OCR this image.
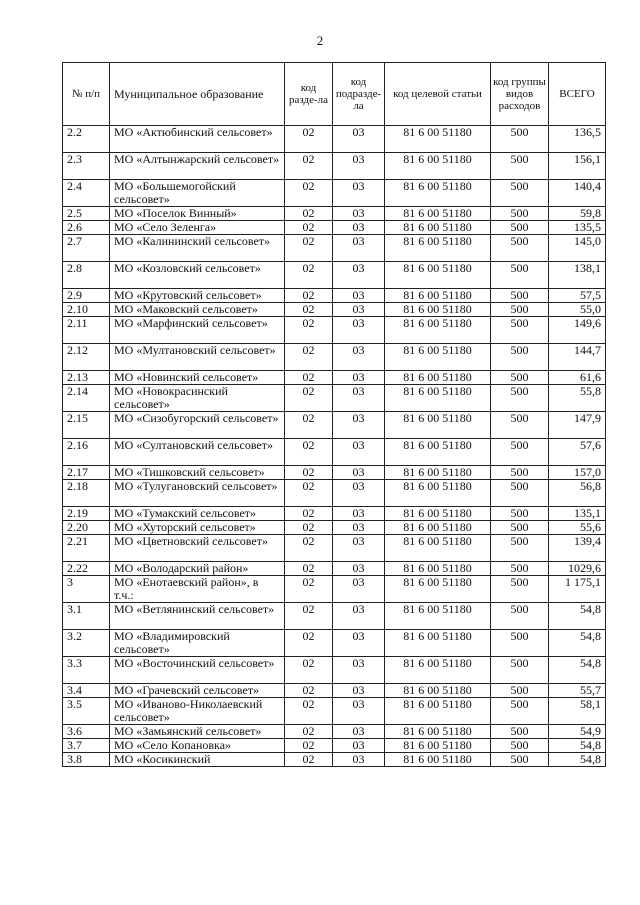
2
№ п/п	Муниципальное образование	код разде-ла	код подразде-ла	код целевой статьи	код группы видов расходов	ВСЕГО
2.2	МО «Актюбинский сельсовет»	02	03	81 6 00 51180	500	136,5
2.3	МО «Алтынжарский сельсовет»	02	03	81 6 00 51180	500	156,1
2.4	МО «Большемогойский сельсовет»	02	03	81 6 00 51180	500	140,4
2.5	МО «Поселок Винный»	02	03	81 6 00 51180	500	59,8
2.6	МО «Село Зеленга»	02	03	81 6 00 51180	500	135,5
2.7	МО «Калининский сельсовет»	02	03	81 6 00 51180	500	145,0
2.8	МО «Козловский сельсовет»	02	03	81 6 00 51180	500	138,1
2.9	МО «Крутовский сельсовет»	02	03	81 6 00 51180	500	57,5
2.10	МО «Маковский сельсовет»	02	03	81 6 00 51180	500	55,0
2.11	МО «Марфинский сельсовет»	02	03	81 6 00 51180	500	149,6
2.12	МО «Мултановский сельсовет»	02	03	81 6 00 51180	500	144,7
2.13	МО «Новинский сельсовет»	02	03	81 6 00 51180	500	61,6
2.14	МО «Новокрасинский сельсовет»	02	03	81 6 00 51180	500	55,8
2.15	МО «Сизобугорский сельсовет»	02	03	81 6 00 51180	500	147,9
2.16	МО «Султановский сельсовет»	02	03	81 6 00 51180	500	57,6
2.17	МО «Тишковский сельсовет»	02	03	81 6 00 51180	500	157,0
2.18	МО «Тулугановский сельсовет»	02	03	81 6 00 51180	500	56,8
2.19	МО «Тумакский сельсовет»	02	03	81 6 00 51180	500	135,1
2.20	МО «Хуторский сельсовет»	02	03	81 6 00 51180	500	55,6
2.21	МО «Цветновский сельсовет»	02	03	81 6 00 51180	500	139,4
2.22	МО «Володарский район»	02	03	81 6 00 51180	500	1029,6
3	МО «Енотаевский район», в т.ч.:	02	03	81 6 00 51180	500	1 175,1
3.1	МО «Ветлянинский сельсовет»	02	03	81 6 00 51180	500	54,8
3.2	МО «Владимировский сельсовет»	02	03	81 6 00 51180	500	54,8
3.3	МО «Восточинский сельсовет»	02	03	81 6 00 51180	500	54,8
3.4	МО «Грачевский сельсовет»	02	03	81 6 00 51180	500	55,7
3.5	МО «Ивановo-Николаевский сельсовет»	02	03	81 6 00 51180	500	58,1
3.6	МО «Замьянский сельсовет»	02	03	81 6 00 51180	500	54,9
3.7	МО «Село Копановка»	02	03	81 6 00 51180	500	54,8
3.8	МО «Косикинский	02	03	81 6 00 51180	500	54,8
